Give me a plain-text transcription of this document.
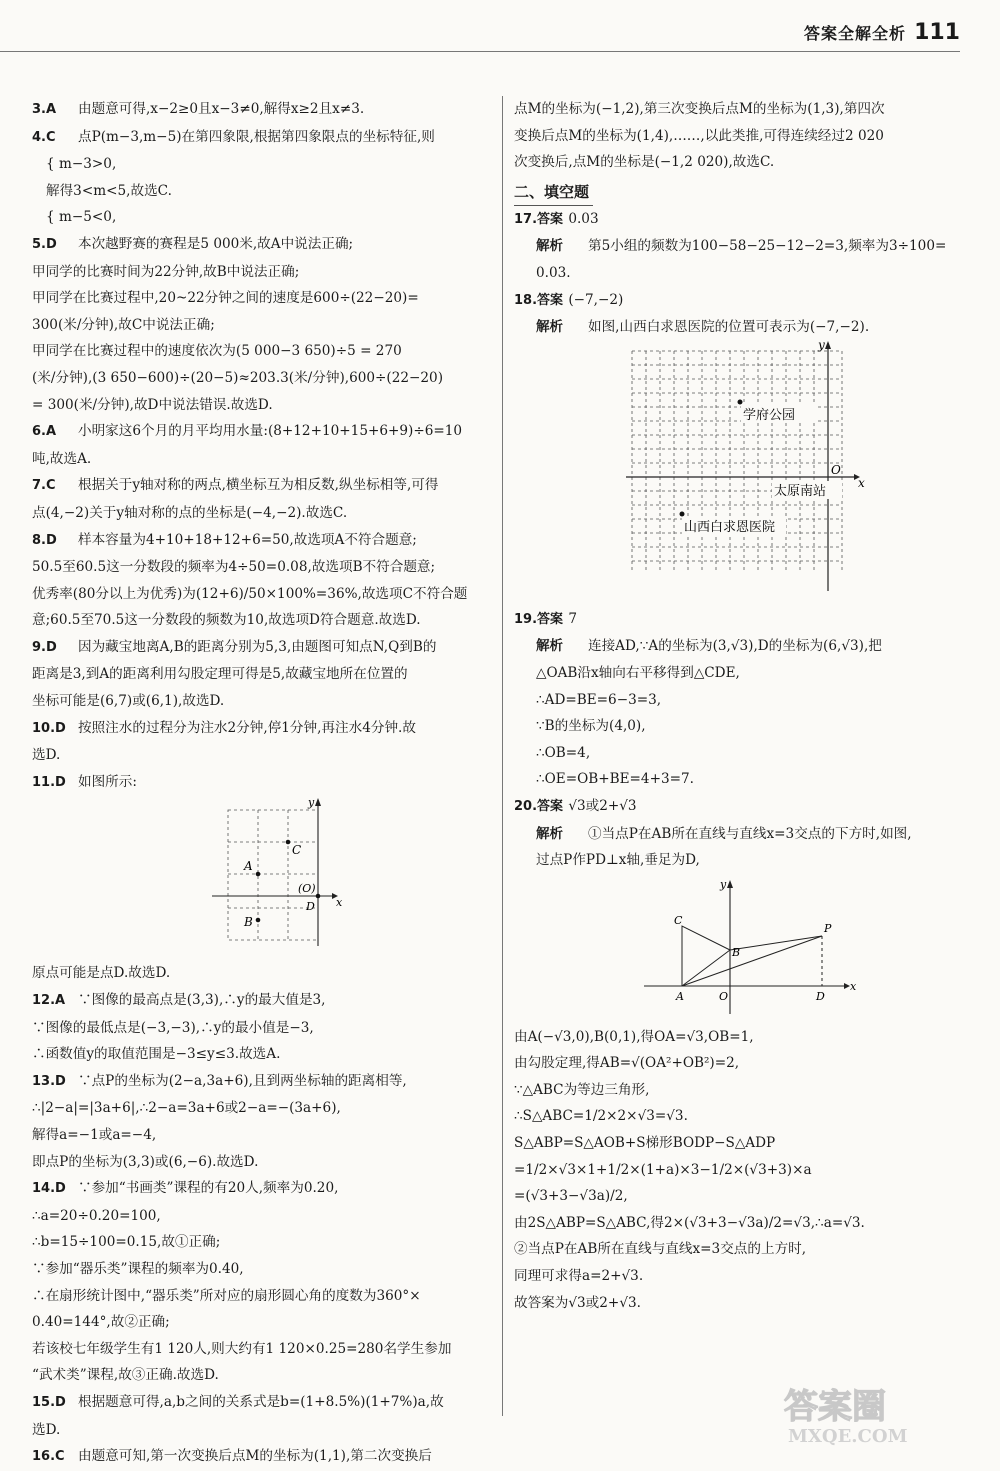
答案全解全析 111
3.A 由题意可得,x−2≥0且x−3≠0,解得x≥2且x≠3.
4.C 点P(m−3,m−5)在第四象限,根据第四象限点的坐标特征,则
{ m−3>0,
解得3<m<5,故选C.
{ m−5<0,
5.D 本次越野赛的赛程是5 000米,故A中说法正确;
甲同学的比赛时间为22分钟,故B中说法正确;
甲同学在比赛过程中,20~22分钟之间的速度是600÷(22−20)=
300(米/分钟),故C中说法正确;
甲同学在比赛过程中的速度依次为(5 000−3 650)÷5 = 270
(米/分钟),(3 650−600)÷(20−5)≈203.3(米/分钟),600÷(22−20)
= 300(米/分钟),故D中说法错误.故选D.
6.A 小明家这6个月的月平均用水量:(8+12+10+15+6+9)÷6=10
吨,故选A.
7.C 根据关于y轴对称的两点,横坐标互为相反数,纵坐标相等,可得
点(4,−2)关于y轴对称的点的坐标是(−4,−2).故选C.
8.D 样本容量为4+10+18+12+6=50,故选项A不符合题意;
50.5至60.5这一分数段的频率为4÷50=0.08,故选项B不符合题意;
优秀率(80分以上为优秀)为(12+6)/50×100%=36%,故选项C不符合题
意;60.5至70.5这一分数段的频数为10,故选项D符合题意.故选D.
9.D 因为藏宝地离A,B的距离分别为5,3,由题图可知点N,Q到B的
距离是3,到A的距离利用勾股定理可得是5,故藏宝地所在位置的
坐标可能是(6,7)或(6,1),故选D.
10.D 按照注水的过程分为注水2分钟,停1分钟,再注水4分钟.故
选D.
11.D 如图所示:
x
y
A
C
B
(O)
D
原点可能是点D.故选D.
12.A ∵图像的最高点是(3,3),∴y的最大值是3,
∵图像的最低点是(−3,−3),∴y的最小值是−3,
∴函数值y的取值范围是−3≤y≤3.故选A.
13.D ∵点P的坐标为(2−a,3a+6),且到两坐标轴的距离相等,
∴|2−a|=|3a+6|,∴2−a=3a+6或2−a=−(3a+6),
解得a=−1或a=−4,
即点P的坐标为(3,3)或(6,−6).故选D.
14.D ∵参加“书画类”课程的有20人,频率为0.20,
∴a=20÷0.20=100,
∴b=15÷100=0.15,故①正确;
∵参加“器乐类”课程的频率为0.40,
∴在扇形统计图中,“器乐类”所对应的扇形圆心角的度数为360°×
0.40=144°,故②正确;
若该校七年级学生有1 120人,则大约有1 120×0.25=280名学生参加
“武术类”课程,故③正确.故选D.
15.D 根据题意可得,a,b之间的关系式是b=(1+8.5%)(1+7%)a,故
选D.
16.C 由题意可知,第一次变换后点M的坐标为(1,1),第二次变换后
点M的坐标为(−1,2),第三次变换后点M的坐标为(1,3),第四次
变换后点M的坐标为(1,4),……,以此类推,可得连续经过2 020
次变换后,点M的坐标是(−1,2 020),故选C.
二、填空题
17.答案 0.03
解析 第5小组的频数为100−58−25−12−2=3,频率为3÷100=
0.03.
18.答案 (−7,−2)
解析 如图,山西白求恩医院的位置可表示为(−7,−2).
x
y
O
学府公园
太原南站
山西白求恩医院
19.答案 7
解析 连接AD,∵A的坐标为(3,√3),D的坐标为(6,√3),把
△OAB沿x轴向右平移得到△CDE,
∴AD=BE=6−3=3,
∵B的坐标为(4,0),
∴OB=4,
∴OE=OB+BE=4+3=7.
20.答案 √3或2+√3
解析 ①当点P在AB所在直线与直线x=3交点的下方时,如图,
过点P作PD⊥x轴,垂足为D,
x
y
C
B
P
A	O	D
由A(−√3,0),B(0,1),得OA=√3,OB=1,
由勾股定理,得AB=√(OA²+OB²)=2,
∵△ABC为等边三角形,
∴S△ABC=1/2×2×√3=√3.
S△ABP=S△AOB+S梯形BODP−S△ADP
=1/2×√3×1+1/2×(1+a)×3−1/2×(√3+3)×a
=(√3+3−√3a)/2,
由2S△ABP=S△ABC,得2×(√3+3−√3a)/2=√3,∴a=√3.
②当点P在AB所在直线与直线x=3交点的上方时,
同理可求得a=2+√3.
故答案为√3或2+√3.
答案圈
MXQE.COM
